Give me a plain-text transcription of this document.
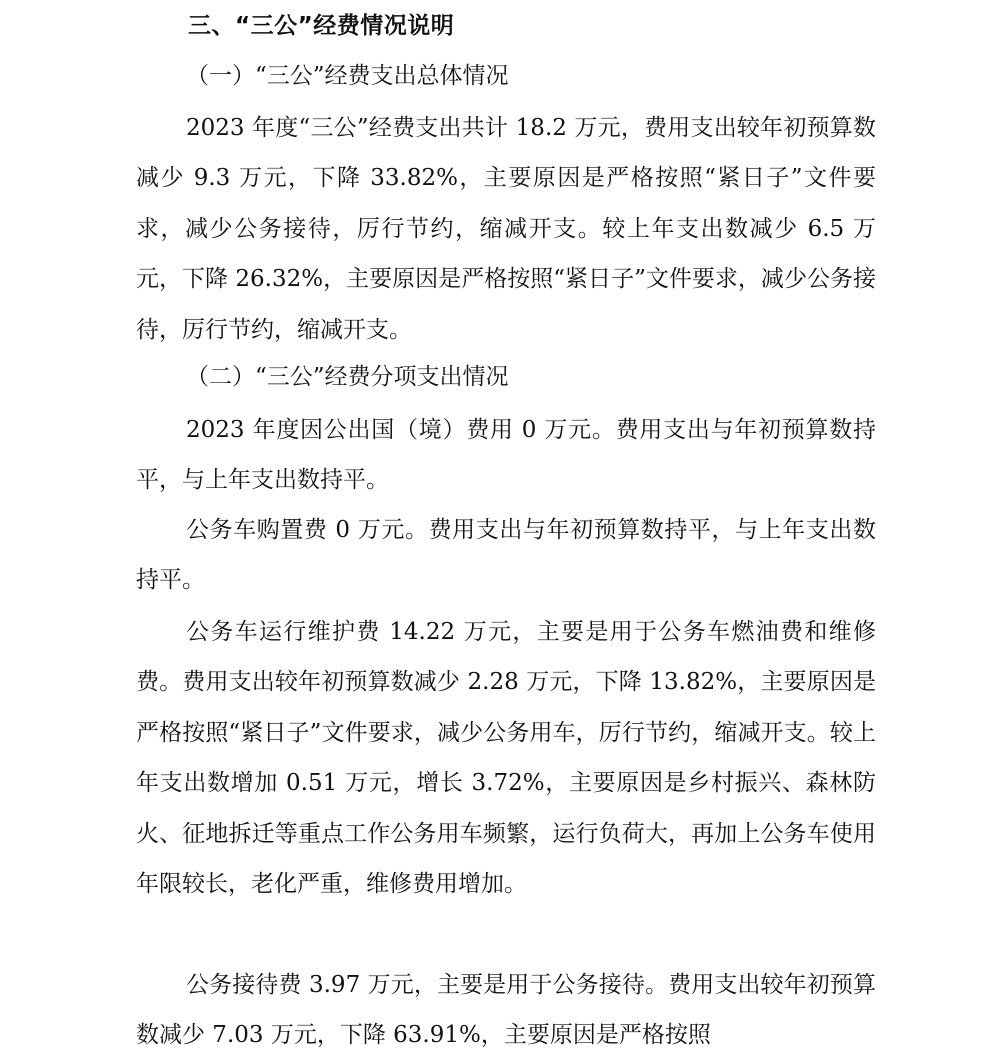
三、“三公”经费情况说明
（一）“三公”经费支出总体情况

2023 年度“三公”经费支出共计 18.2 万元，费用支出较年初预算数减少 9.3 万元，下降 33.82%，主要原因是严格按照“紧日子”文件要求，减少公务接待，厉行节约，缩减开支。较上年支出数减少 6.5 万元，下降 26.32%，主要原因是严格按照“紧日子”文件要求，减少公务接待，厉行节约，缩减开支。

（二）“三公”经费分项支出情况

2023 年度因公出国（境）费用 0 万元。费用支出与年初预算数持平，与上年支出数持平。

公务车购置费 0 万元。费用支出与年初预算数持平，与上年支出数持平。

公务车运行维护费 14.22 万元，主要是用于公务车燃油费和维修费。费用支出较年初预算数减少 2.28 万元，下降 13.82%，主要原因是严格按照“紧日子”文件要求，减少公务用车，厉行节约，缩减开支。较上年支出数增加 0.51 万元，增长 3.72%，主要原因是乡村振兴、森林防火、征地拆迁等重点工作公务用车频繁，运行负荷大，再加上公务车使用年限较长，老化严重，维修费用增加。

公务接待费 3.97 万元，主要是用于公务接待。费用支出较年初预算数减少 7.03 万元，下降 63.91%，主要原因是严格按照
